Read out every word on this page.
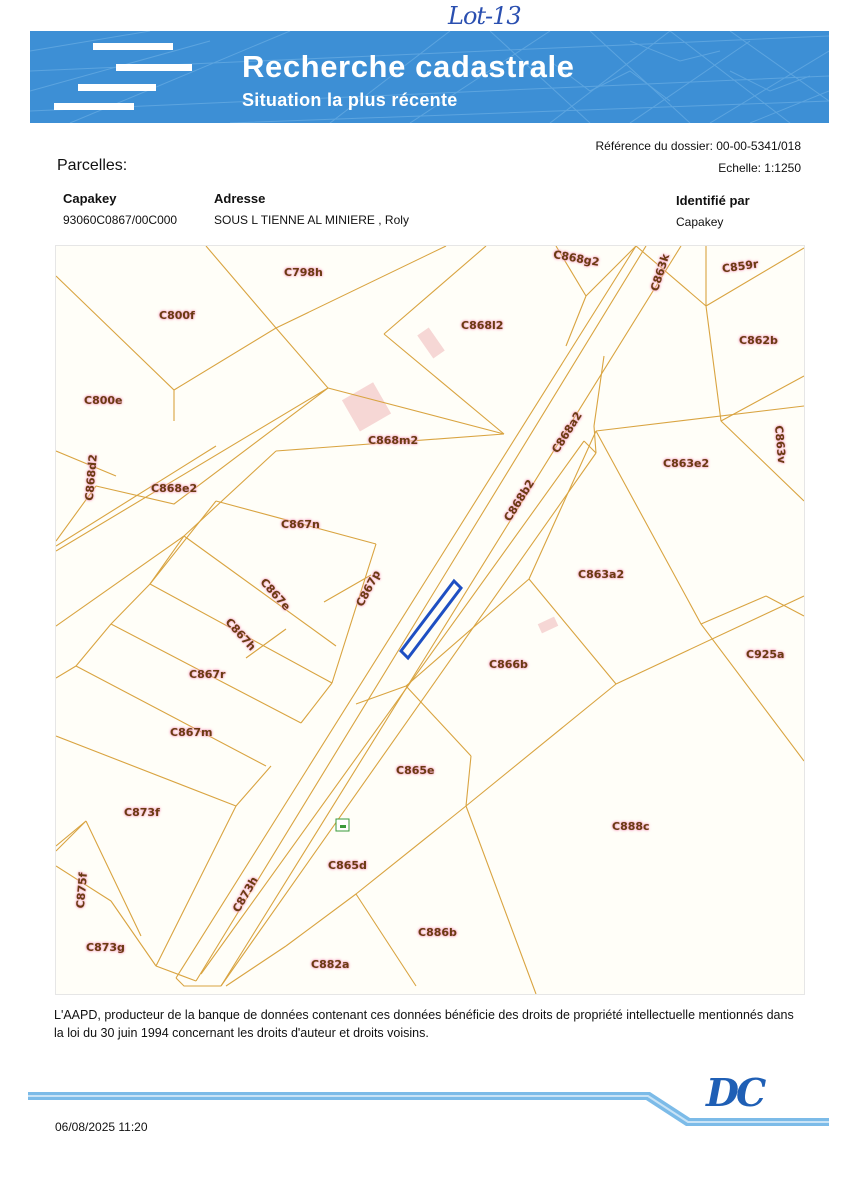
Lot-13
Recherche cadastrale
Situation la plus récente
Parcelles:
Référence du dossier: 00-00-5341/018
Echelle: 1:1250
Capakey	Adresse	Identifié par
93060C0867/00C000	SOUS L TIENNE AL MINIERE , Roly	Capakey
C798h
C868g2	C863k	C859r
C800f
C868l2
C862b
C800e
C868m2	C868a2	C863v
C868d2	C868e2
C863e2
C868b2
C867n
C867e	C867p	C863a2
C867h
C866b
C925a
C867r
C867m
C865e
C873f
C888c
C865d
C875f	C873h
C886b
C873g
C882a
L'AAPD, producteur de la banque de données contenant ces données bénéficie des droits de propriété intellectuelle mentionnés dans la loi du 30 juin 1994 concernant les droits d'auteur et droits voisins.
DC
06/08/2025 11:20
